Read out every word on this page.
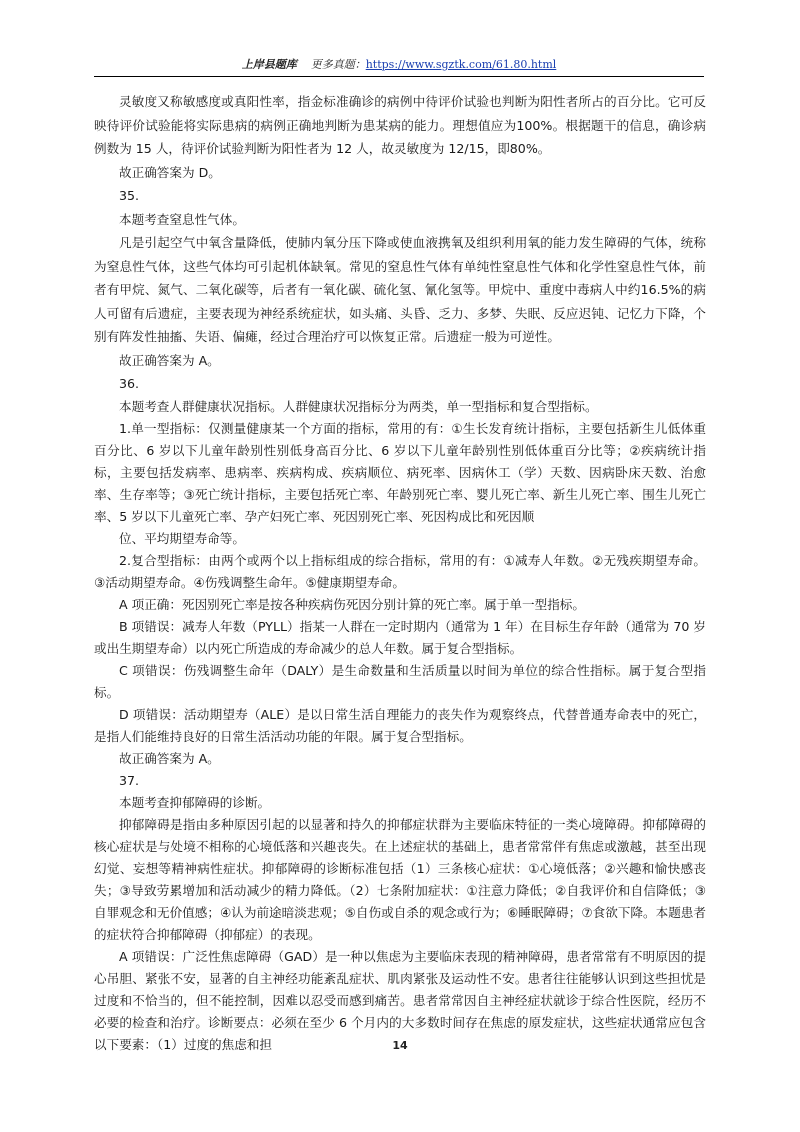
上岸县题库 更多真题：https://www.sgztk.com/61.80.html

灵敏度又称敏感度或真阳性率，指金标准确诊的病例中待评价试验也判断为阳性者所占的百分比。它可反映待评价试验能将实际患病的病例正确地判断为患某病的能力。理想值应为100%。根据题干的信息，确诊病例数为 15 人，待评价试验判断为阳性者为 12 人，故灵敏度为 12/15，即80%。

故正确答案为 D。

35.

本题考查窒息性气体。

凡是引起空气中氧含量降低，使肺内氧分压下降或使血液携氧及组织利用氧的能力发生障碍的气体，统称为窒息性气体，这些气体均可引起机体缺氧。常见的窒息性气体有单纯性窒息性气体和化学性窒息性气体，前者有甲烷、氮气、二氧化碳等，后者有一氧化碳、硫化氢、氰化氢等。甲烷中、重度中毒病人中约16.5%的病人可留有后遗症，主要表现为神经系统症状，如头痛、头昏、乏力、多梦、失眠、反应迟钝、记忆力下降，个别有阵发性抽搐、失语、偏瘫，经过合理治疗可以恢复正常。后遗症一般为可逆性。

故正确答案为 A。

36.

本题考查人群健康状况指标。人群健康状况指标分为两类，单一型指标和复合型指标。

1.单一型指标：仅测量健康某一个方面的指标，常用的有：①生长发育统计指标，主要包括新生儿低体重百分比、6 岁以下儿童年龄别性别低身高百分比、6 岁以下儿童年龄别性别低体重百分比等；②疾病统计指标，主要包括发病率、患病率、疾病构成、疾病顺位、病死率、因病休工（学）天数、因病卧床天数、治愈率、生存率等；③死亡统计指标，主要包括死亡率、年龄别死亡率、婴儿死亡率、新生儿死亡率、围生儿死亡率、5 岁以下儿童死亡率、孕产妇死亡率、死因别死亡率、死因构成比和死因顺

位、平均期望寿命等。

2.复合型指标：由两个或两个以上指标组成的综合指标，常用的有：①减寿人年数。②无残疾期望寿命。③活动期望寿命。④伤残调整生命年。⑤健康期望寿命。

A 项正确：死因别死亡率是按各种疾病伤死因分别计算的死亡率。属于单一型指标。

B 项错误：减寿人年数（PYLL）指某一人群在一定时期内（通常为 1 年）在目标生存年龄（通常为 70 岁或出生期望寿命）以内死亡所造成的寿命减少的总人年数。属于复合型指标。

C 项错误：伤残调整生命年（DALY）是生命数量和生活质量以时间为单位的综合性指标。属于复合型指标。

D 项错误：活动期望寿（ALE）是以日常生活自理能力的丧失作为观察终点，代替普通寿命表中的死亡，是指人们能维持良好的日常生活活动功能的年限。属于复合型指标。

故正确答案为 A。

37.

本题考查抑郁障碍的诊断。

抑郁障碍是指由多种原因引起的以显著和持久的抑郁症状群为主要临床特征的一类心境障碍。抑郁障碍的核心症状是与处境不相称的心境低落和兴趣丧失。在上述症状的基础上，患者常常伴有焦虑或激越，甚至出现幻觉、妄想等精神病性症状。抑郁障碍的诊断标准包括（1）三条核心症状：①心境低落；②兴趣和愉快感丧失；③导致劳累增加和活动减少的精力降低。（2）七条附加症状：①注意力降低；②自我评价和自信降低；③自罪观念和无价值感；④认为前途暗淡悲观；⑤自伤或自杀的观念或行为；⑥睡眠障碍；⑦食欲下降。本题患者的症状符合抑郁障碍（抑郁症）的表现。

A 项错误：广泛性焦虑障碍（GAD）是一种以焦虑为主要临床表现的精神障碍，患者常常有不明原因的提心吊胆、紧张不安，显著的自主神经功能紊乱症状、肌肉紧张及运动性不安。患者往往能够认识到这些担忧是过度和不恰当的，但不能控制，因难以忍受而感到痛苦。患者常常因自主神经症状就诊于综合性医院，经历不必要的检查和治疗。诊断要点：必须在至少 6 个月内的大多数时间存在焦虑的原发症状，这些症状通常应包含以下要素：（1）过度的焦虑和担	14
